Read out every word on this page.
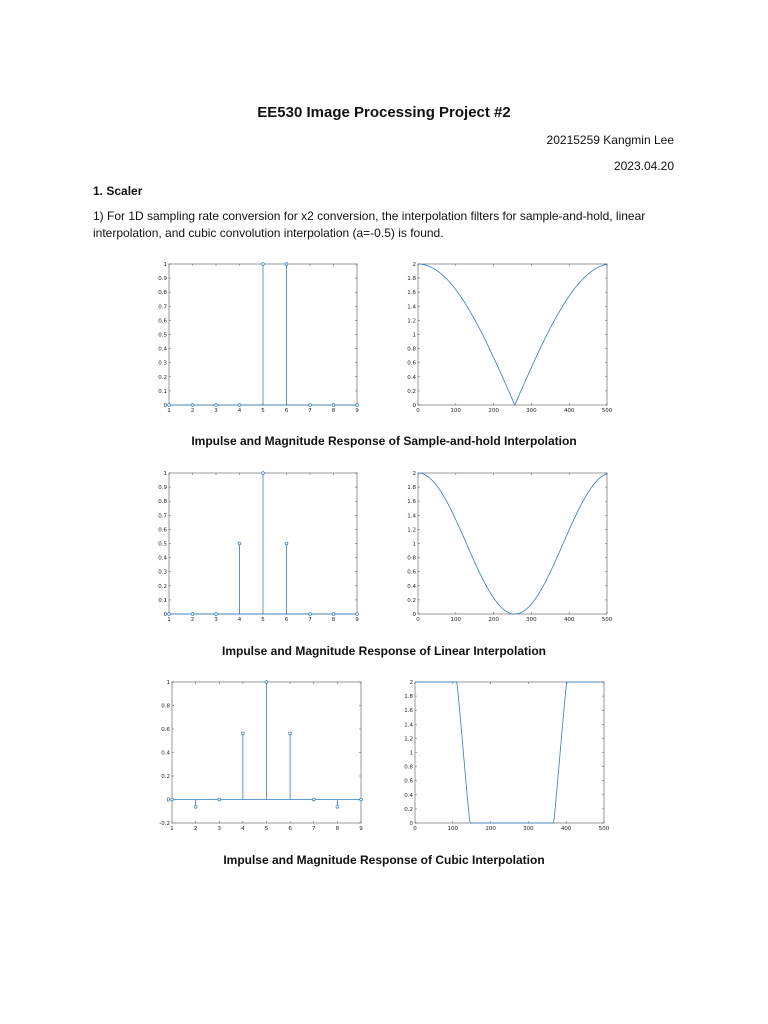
EE530 Image Processing Project #2
20215259 Kangmin Lee
2023.04.20
1. Scaler
1) For 1D sampling rate conversion for x2 conversion, the interpolation filters for sample-and-hold, linear interpolation, and cubic convolution interpolation (a=-0.5) is found.
1	2	3	4	5	6	7	8	9
0
0.1
0.2
0.3
0.4
0.5
0.6
0.7
0.8
0.9
1
0	100	200	300	400	500
0
0.2
0.4
0.6
0.8
1
1.2
1.4
1.6
1.8
2
Impulse and Magnitude Response of Sample-and-hold Interpolation
1	2	3	4	5	6	7	8	9
0
0.1
0.2
0.3
0.4
0.5
0.6
0.7
0.8
0.9
1
0	100	200	300	400	500
0
0.2
0.4
0.6
0.8
1
1.2
1.4
1.6
1.8
2
Impulse and Magnitude Response of Linear Interpolation
1	2	3	4	5	6	7	8	9
-0.2
0
0.2
0.4
0.6
0.8
1
0	100	200	300	400	500
0
0.2
0.4
0.6
0.8
1
1.2
1.4
1.6
1.8
2
Impulse and Magnitude Response of Cubic Interpolation
